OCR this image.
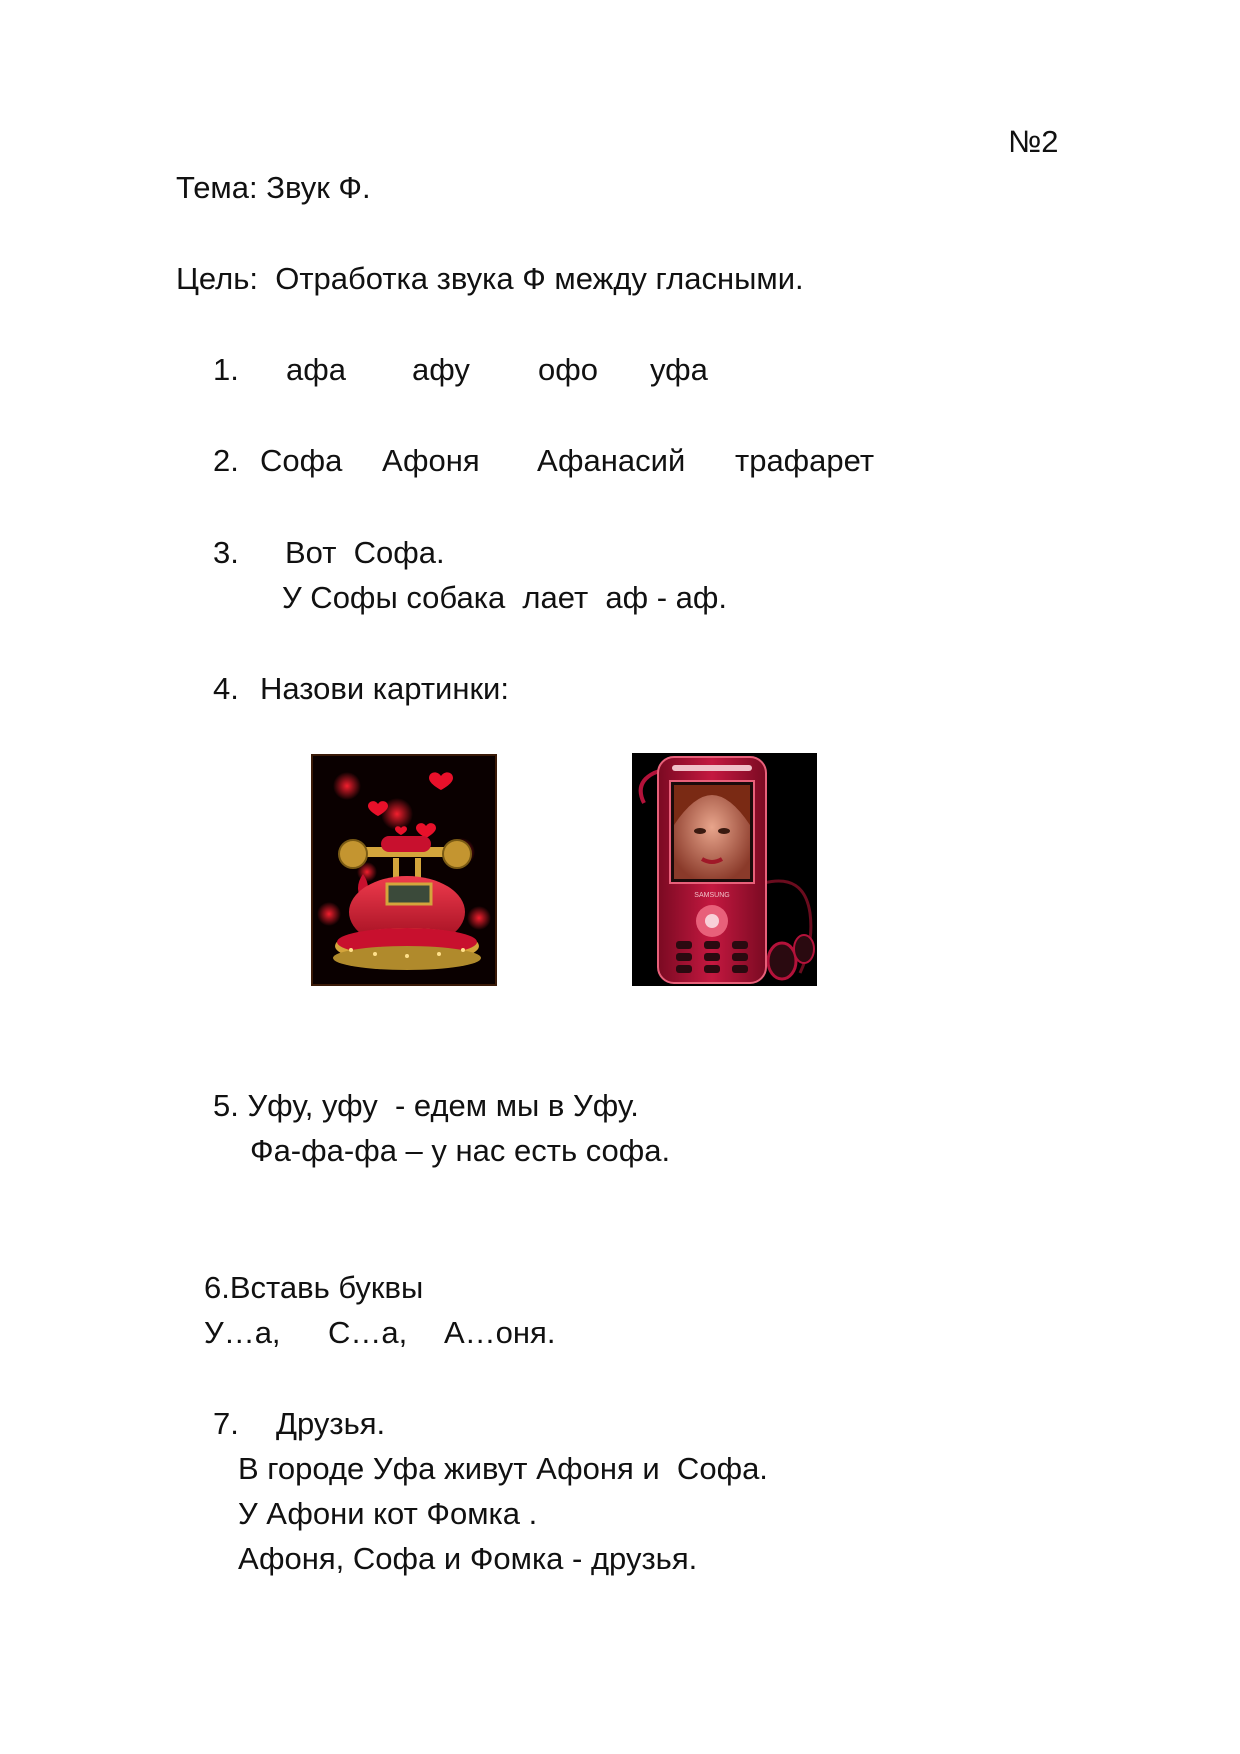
№2
Тема: Звук Ф.
Цель:  Отработка звука Ф между гласными.
1. афа афу офо уфа
2. Софа Афоня Афанасий трафарет
3. Вот  Софа.
У Софы собака  лает  аф - аф.
4. Назови картинки:
SAMSUNG
5. Уфу, уфу  - едем мы в Уфу.
Фа-фа-фа – у нас есть софа.
6.Вставь буквы
У…а, С…а, А…оня.
7. Друзья.
В городе Уфа живут Афоня и  Софа.
У Афони кот Фомка .
Афоня, Софа и Фомка - друзья.
